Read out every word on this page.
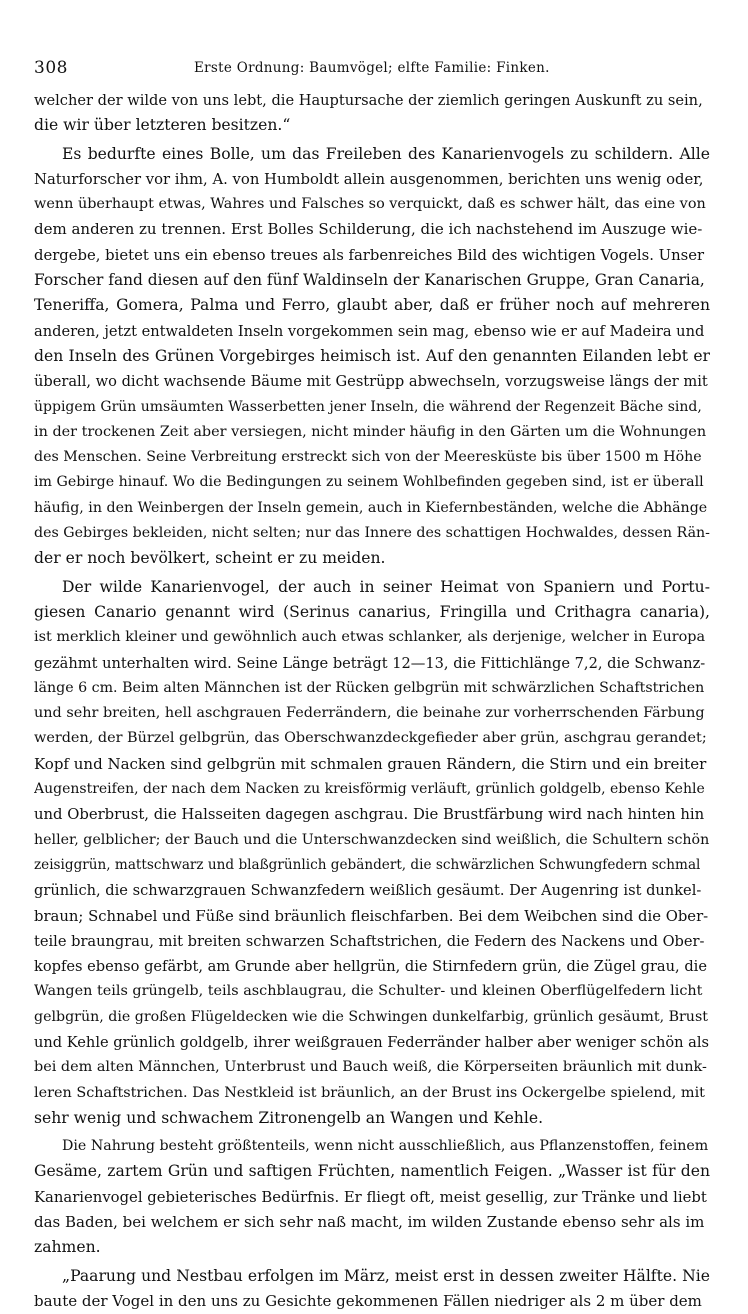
308	Erste Ordnung: Baumvögel; elfte Familie: Finken.
welcher der wilde von uns lebt, die Hauptursache der ziemlich geringen Auskunft zu sein,
die wir über letzteren besitzen.“
Es bedurfte eines Bolle, um das Freileben des Kanarienvogels zu schildern. Alle
Naturforscher vor ihm, A. von Humboldt allein ausgenommen, berichten uns wenig oder,
wenn überhaupt etwas, Wahres und Falsches so verquickt, daß es schwer hält, das eine von
dem anderen zu trennen. Erst Bolles Schilderung, die ich nachstehend im Auszuge wie-
dergebe, bietet uns ein ebenso treues als farbenreiches Bild des wichtigen Vogels. Unser
Forscher fand diesen auf den fünf Waldinseln der Kanarischen Gruppe, Gran Canaria,
Teneriffa, Gomera, Palma und Ferro, glaubt aber, daß er früher noch auf mehreren
anderen, jetzt entwaldeten Inseln vorgekommen sein mag, ebenso wie er auf Madeira und
den Inseln des Grünen Vorgebirges heimisch ist. Auf den genannten Eilanden lebt er
überall, wo dicht wachsende Bäume mit Gestrüpp abwechseln, vorzugsweise längs der mit
üppigem Grün umsäumten Wasserbetten jener Inseln, die während der Regenzeit Bäche sind,
in der trockenen Zeit aber versiegen, nicht minder häufig in den Gärten um die Wohnungen
des Menschen. Seine Verbreitung erstreckt sich von der Meeresküste bis über 1500 m Höhe
im Gebirge hinauf. Wo die Bedingungen zu seinem Wohlbefinden gegeben sind, ist er überall
häufig, in den Weinbergen der Inseln gemein, auch in Kiefernbeständen, welche die Abhänge
des Gebirges bekleiden, nicht selten; nur das Innere des schattigen Hochwaldes, dessen Rän-
der er noch bevölkert, scheint er zu meiden.
Der wilde Kanarienvogel, der auch in seiner Heimat von Spaniern und Portu-
giesen Canario genannt wird (Serinus canarius, Fringilla und Crithagra canaria),
ist merklich kleiner und gewöhnlich auch etwas schlanker, als derjenige, welcher in Europa
gezähmt unterhalten wird. Seine Länge beträgt 12—13, die Fittichlänge 7,2, die Schwanz-
länge 6 cm. Beim alten Männchen ist der Rücken gelbgrün mit schwärzlichen Schaftstrichen
und sehr breiten, hell aschgrauen Federrändern, die beinahe zur vorherrschenden Färbung
werden, der Bürzel gelbgrün, das Oberschwanzdeckgefieder aber grün, aschgrau gerandet;
Kopf und Nacken sind gelbgrün mit schmalen grauen Rändern, die Stirn und ein breiter
Augenstreifen, der nach dem Nacken zu kreisförmig verläuft, grünlich goldgelb, ebenso Kehle
und Oberbrust, die Halsseiten dagegen aschgrau. Die Brustfärbung wird nach hinten hin
heller, gelblicher; der Bauch und die Unterschwanzdecken sind weißlich, die Schultern schön
zeisiggrün, mattschwarz und blaßgrünlich gebändert, die schwärzlichen Schwungfedern schmal
grünlich, die schwarzgrauen Schwanzfedern weißlich gesäumt. Der Augenring ist dunkel-
braun; Schnabel und Füße sind bräunlich fleischfarben. Bei dem Weibchen sind die Ober-
teile braungrau, mit breiten schwarzen Schaftstrichen, die Federn des Nackens und Ober-
kopfes ebenso gefärbt, am Grunde aber hellgrün, die Stirnfedern grün, die Zügel grau, die
Wangen teils grüngelb, teils aschblaugrau, die Schulter- und kleinen Oberflügelfedern licht
gelbgrün, die großen Flügeldecken wie die Schwingen dunkelfarbig, grünlich gesäumt, Brust
und Kehle grünlich goldgelb, ihrer weißgrauen Federränder halber aber weniger schön als
bei dem alten Männchen, Unterbrust und Bauch weiß, die Körperseiten bräunlich mit dunk-
leren Schaftstrichen. Das Nestkleid ist bräunlich, an der Brust ins Ockergelbe spielend, mit
sehr wenig und schwachem Zitronengelb an Wangen und Kehle.
Die Nahrung besteht größtenteils, wenn nicht ausschließlich, aus Pflanzenstoffen, feinem
Gesäme, zartem Grün und saftigen Früchten, namentlich Feigen. „Wasser ist für den
Kanarienvogel gebieterisches Bedürfnis. Er fliegt oft, meist gesellig, zur Tränke und liebt
das Baden, bei welchem er sich sehr naß macht, im wilden Zustande ebenso sehr als im
zahmen.
„Paarung und Nestbau erfolgen im März, meist erst in dessen zweiter Hälfte. Nie
baute der Vogel in den uns zu Gesichte gekommenen Fällen niedriger als 2 m über dem
